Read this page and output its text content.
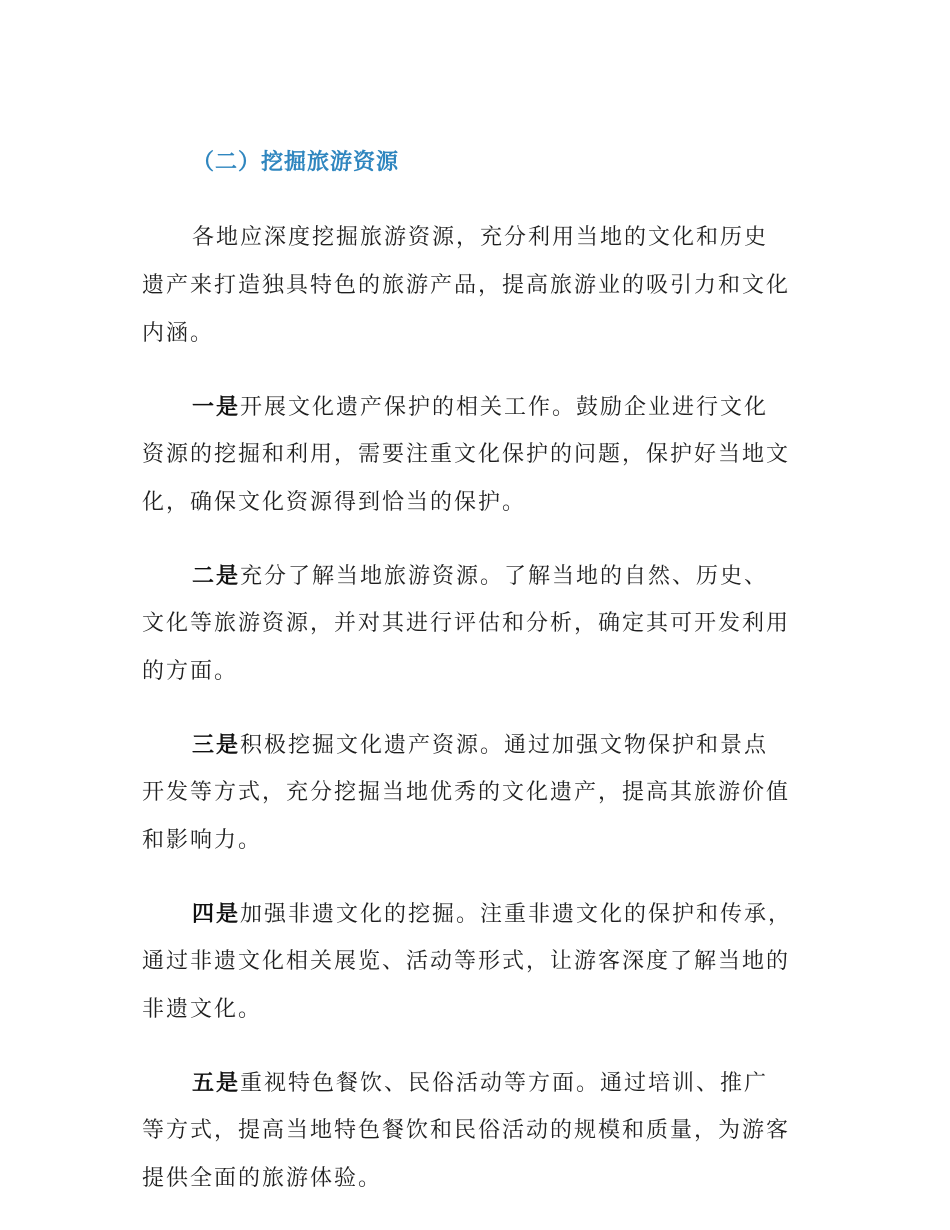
（二）挖掘旅游资源

各地应深度挖掘旅游资源，充分利用当地的文化和历史
遗产来打造独具特色的旅游产品，提高旅游业的吸引力和文化
内涵。

一是开展文化遗产保护的相关工作。鼓励企业进行文化
资源的挖掘和利用，需要注重文化保护的问题，保护好当地文
化，确保文化资源得到恰当的保护。

二是充分了解当地旅游资源。了解当地的自然、历史、
文化等旅游资源，并对其进行评估和分析，确定其可开发利用
的方面。

三是积极挖掘文化遗产资源。通过加强文物保护和景点
开发等方式，充分挖掘当地优秀的文化遗产，提高其旅游价值
和影响力。

四是加强非遗文化的挖掘。注重非遗文化的保护和传承，
通过非遗文化相关展览、活动等形式，让游客深度了解当地的
非遗文化。

五是重视特色餐饮、民俗活动等方面。通过培训、推广
等方式，提高当地特色餐饮和民俗活动的规模和质量，为游客
提供全面的旅游体验。
